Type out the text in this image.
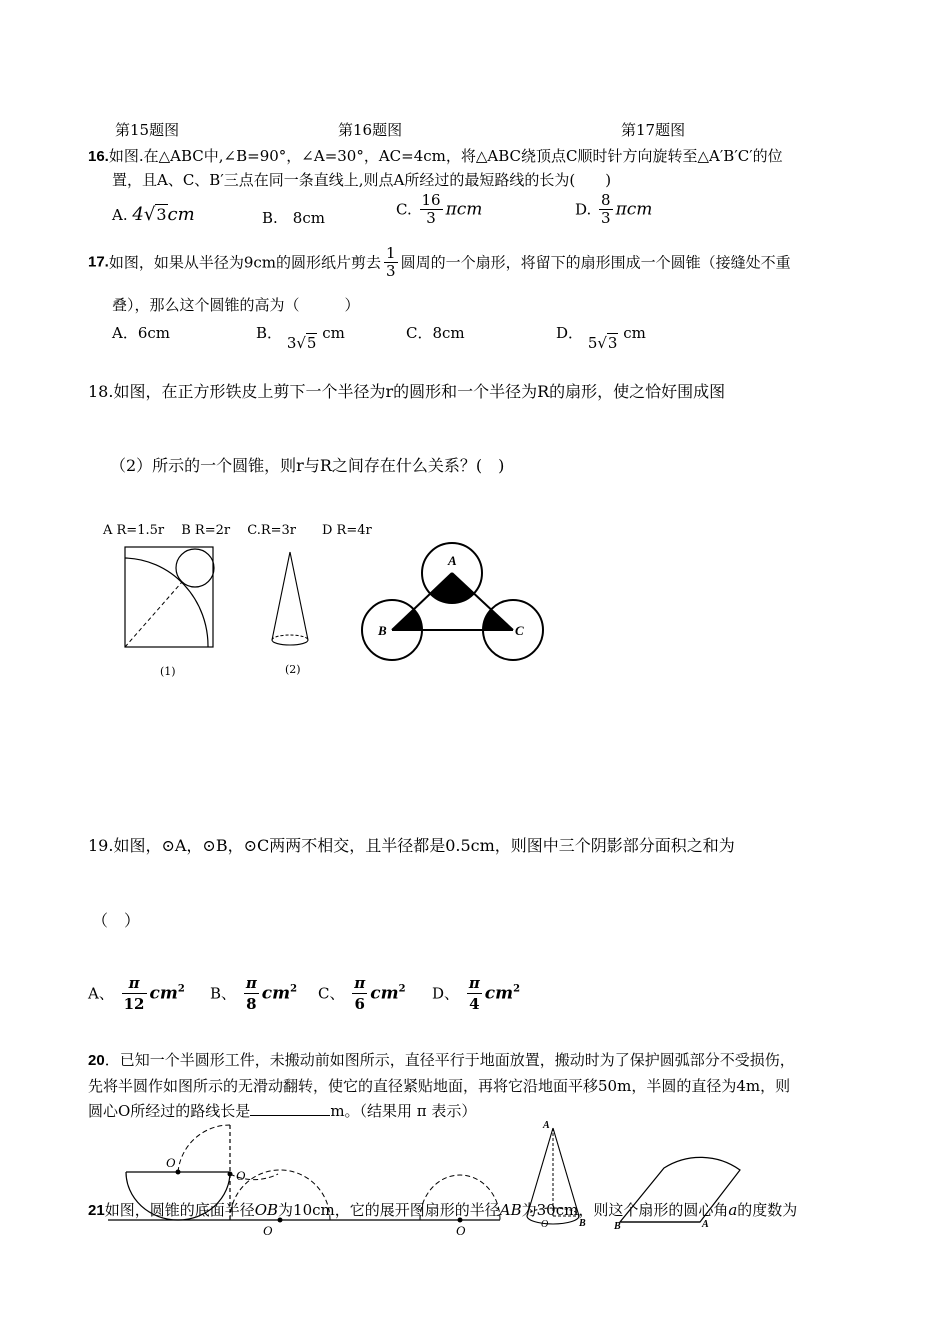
第15题图	第16题图	第17题图
16.如图.在△ABC中,∠B=90°，∠A=30°，AC=4cm，将△ABC绕顶点C顺时针方向旋转至△A′B′C′的位
置，且A、C、B′三点在同一条直线上,则点A所经过的最短路线的长为(　　)
A. 4√3cm	B.　8cm	C. $\frac{16}{3}$ πcm	D. $\frac{8}{3}$ πcm
17.如图，如果从半径为9cm的圆形纸片剪去 $\frac{1}{3}$ 圆周的一个扇形，将留下的扇形围成一个圆锥（接缝处不重
叠），那么这个圆锥的高为（　　　）
A．6cm	B． 3√5 cm	C．8cm	D． 5√3 cm
18.如图，在正方形铁皮上剪下一个半径为r的圆形和一个半径为R的扇形，使之恰好围成图
（2）所示的一个圆锥，则r与R之间存在什么关系？(　)
A R=1.5r　 B R=2r　 C.R=3r　　D R=4r
(1)	(2)
A
B	C
19.如图，⊙A，⊙B，⊙C两两不相交，且半径都是0.5cm，则图中三个阴影部分面积之和为
（　）
A、 $\frac{\pi}{12} cm^2$ B、 $\frac{\pi}{8} cm^2$ C、 $\frac{\pi}{6} cm^2$ D、 $\frac{\pi}{4} cm^2$
20．已知一个半圆形工件，未搬动前如图所示，直径平行于地面放置，搬动时为了保护圆弧部分不受损伤，
先将半圆作如图所示的无滑动翻转，使它的直径紧贴地面，再将它沿地面平移50m，半圆的直径为4m，则
圆心O所经过的路线长是	m。（结果用 π 表示）
O
O
O	O
A
O	B	B	A
21如图，圆锥的底面半径OB为10cm，它的展开图扇形的半径AB为30cm，则这个扇形的圆心角a的度数为
